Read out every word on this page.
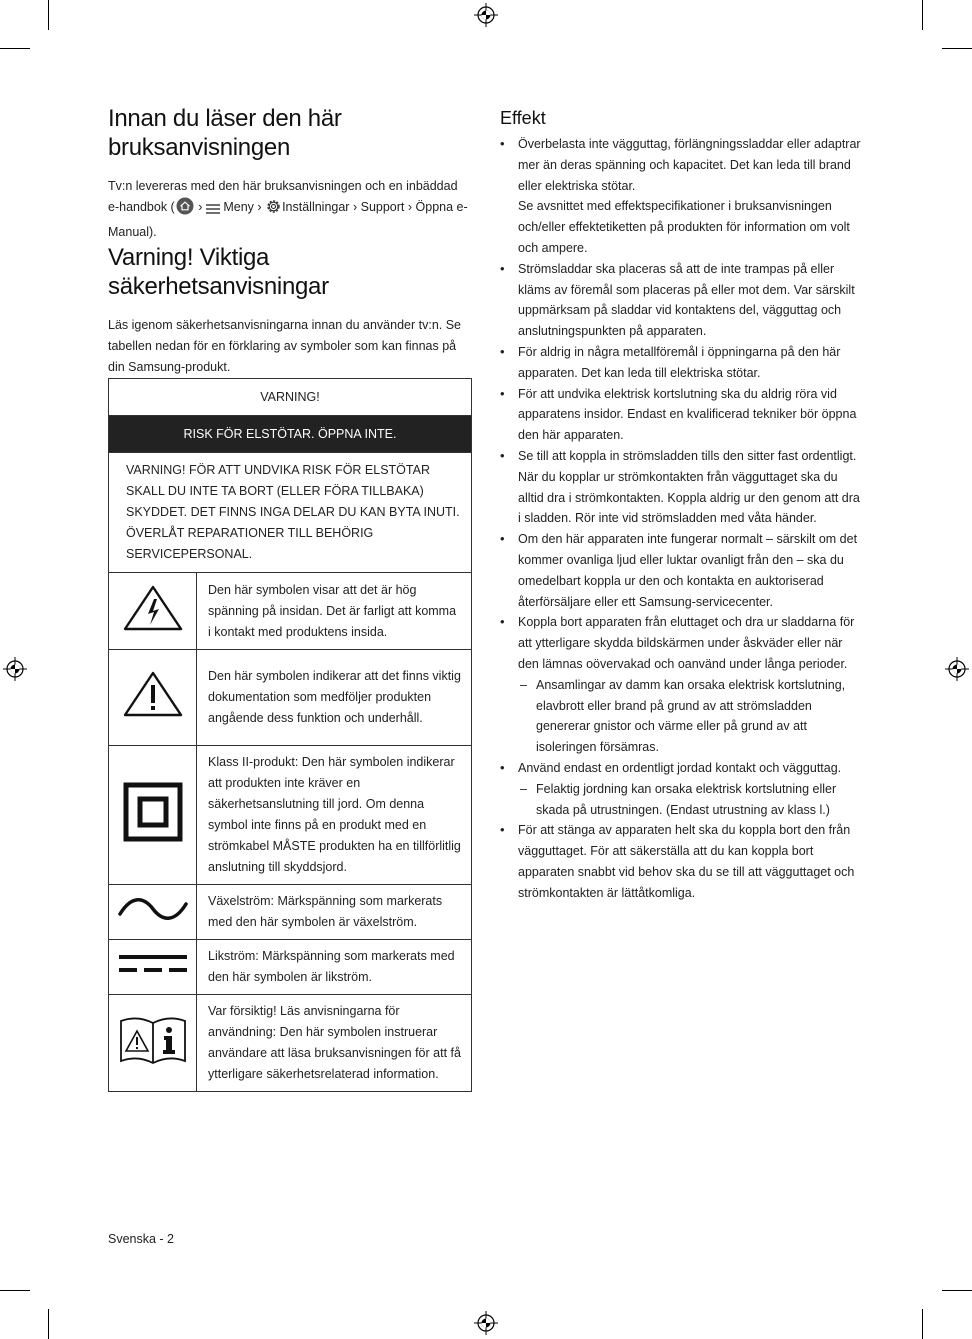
Innan du läser den här bruksanvisningen

Tv:n levereras med den här bruksanvisningen och en inbäddad e-handbok ( › Meny › Inställningar › Support › Öppna e-Manual).

Varning! Viktiga säkerhetsanvisningar

Läs igenom säkerhetsanvisningarna innan du använder tv:n. Se tabellen nedan för en förklaring av symboler som kan finnas på din Samsung-produkt.

VARNING!	
RISK FÖR ELSTÖTAR. ÖPPNA INTE.	
VARNING! FÖR ATT UNDVIKA RISK FÖR ELSTÖTAR SKALL DU INTE TA BORT (ELLER FÖRA TILLBAKA) SKYDDET. DET FINNS INGA DELAR DU KAN BYTA INUTI. ÖVERLÅT REPARATIONER TILL BEHÖRIG SERVICEPERSONAL.	
	Den här symbolen visar att det är hög spänning på insidan. Det är farligt att komma i kontakt med produktens insida.
	Den här symbolen indikerar att det finns viktig dokumentation som medföljer produkten angående dess funktion och underhåll.
	Klass II-produkt: Den här symbolen indikerar att produkten inte kräver en säkerhetsanslutning till jord. Om denna symbol inte finns på en produkt med en strömkabel MÅSTE produkten ha en tillförlitlig anslutning till skyddsjord.
	Växelström: Märkspänning som markerats med den här symbolen är växelström.
	Likström: Märkspänning som markerats med den här symbolen är likström.
	Var försiktig! Läs anvisningarna för användning: Den här symbolen instruerar användare att läsa bruksanvisningen för att få ytterligare säkerhetsrelaterad information.
Effekt
• Överbelasta inte vägguttag, förlängningssladdar eller adaptrar mer än deras spänning och kapacitet. Det kan leda till brand eller elektriska stötar.
Se avsnittet med effektspecifikationer i bruksanvisningen och/eller effektetiketten på produkten för information om volt och ampere.
• Strömsladdar ska placeras så att de inte trampas på eller kläms av föremål som placeras på eller mot dem. Var särskilt uppmärksam på sladdar vid kontaktens del, vägguttag och anslutningspunkten på apparaten.
• För aldrig in några metallföremål i öppningarna på den här apparaten. Det kan leda till elektriska stötar.
• För att undvika elektrisk kortslutning ska du aldrig röra vid apparatens insidor. Endast en kvalificerad tekniker bör öppna den här apparaten.
• Se till att koppla in strömsladden tills den sitter fast ordentligt. När du kopplar ur strömkontakten från vägguttaget ska du alltid dra i strömkontakten. Koppla aldrig ur den genom att dra i sladden. Rör inte vid strömsladden med våta händer.
• Om den här apparaten inte fungerar normalt – särskilt om det kommer ovanliga ljud eller luktar ovanligt från den – ska du omedelbart koppla ur den och kontakta en auktoriserad återförsäljare eller ett Samsung-servicecenter.
• Koppla bort apparaten från eluttaget och dra ur sladdarna för att ytterligare skydda bildskärmen under åskväder eller när den lämnas oövervakad och oanvänd under långa perioder.
– Ansamlingar av damm kan orsaka elektrisk kortslutning, elavbrott eller brand på grund av att strömsladden genererar gnistor och värme eller på grund av att isoleringen försämras.
• Använd endast en ordentligt jordad kontakt och vägguttag.
– Felaktig jordning kan orsaka elektrisk kortslutning eller skada på utrustningen. (Endast utrustning av klass l.)
• För att stänga av apparaten helt ska du koppla bort den från vägguttaget. För att säkerställa att du kan koppla bort apparaten snabbt vid behov ska du se till att vägguttaget och strömkontakten är lättåtkomliga.
Svenska - 2
